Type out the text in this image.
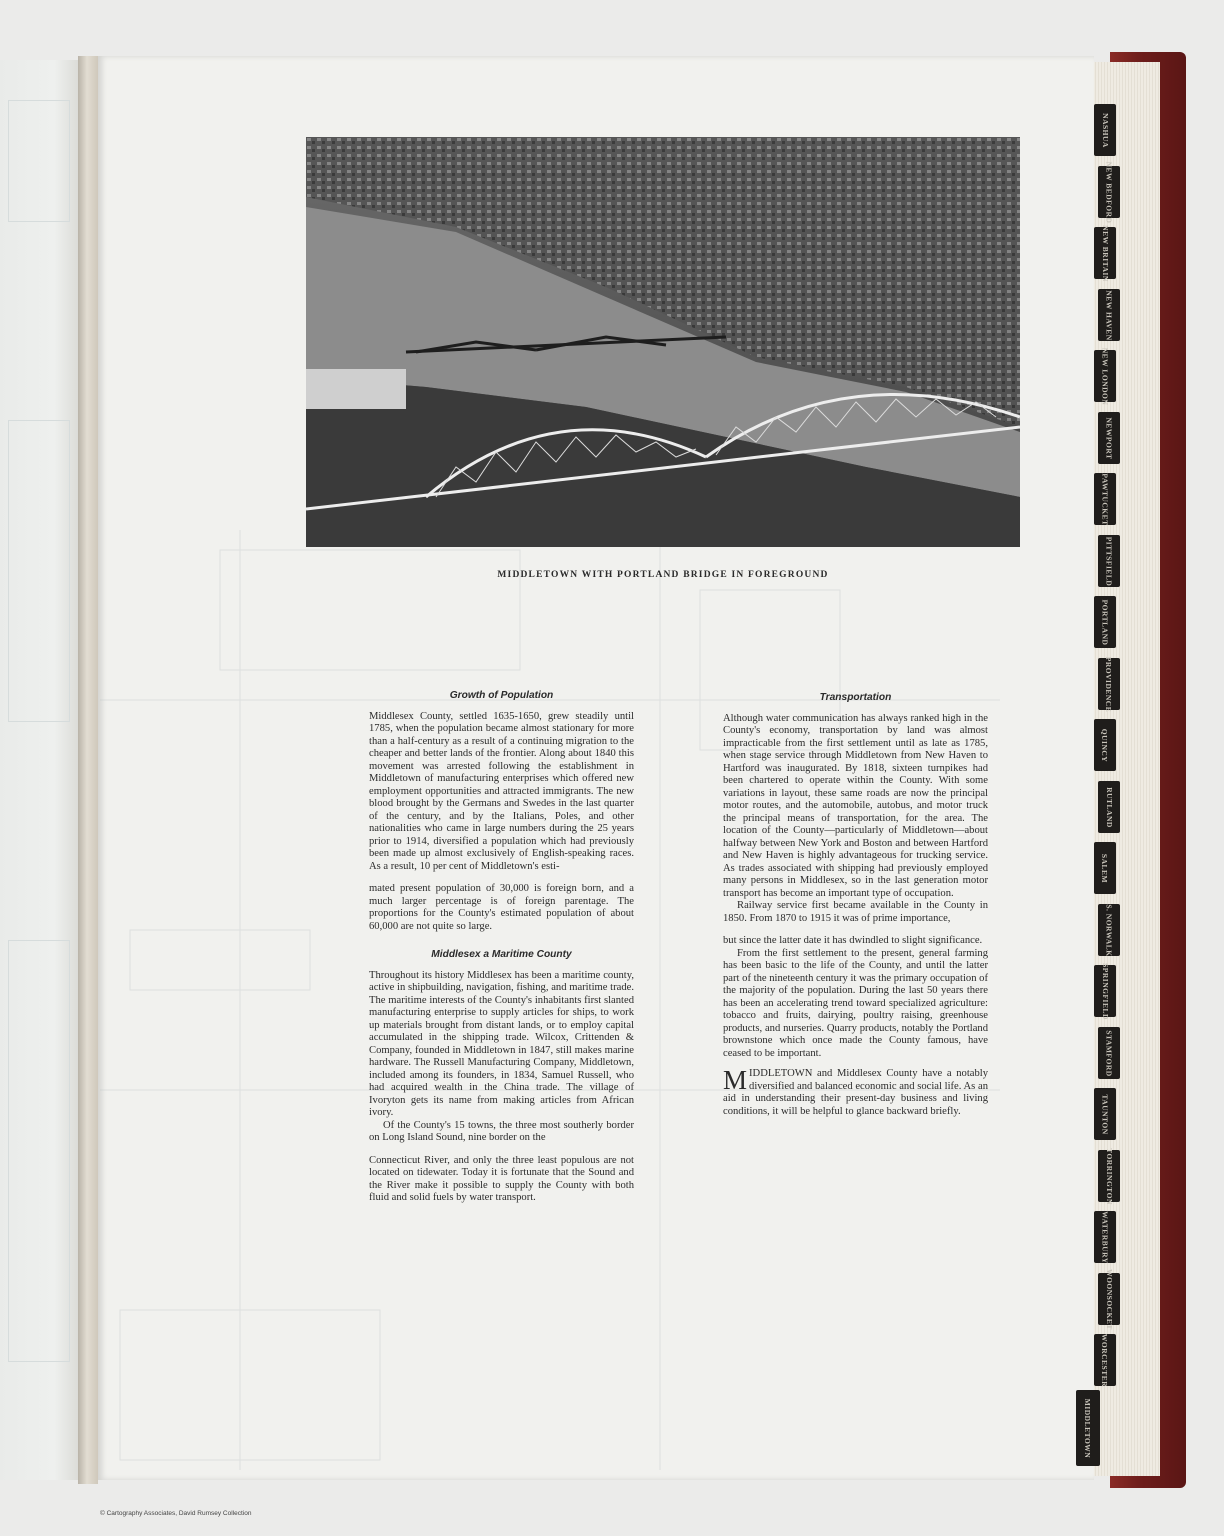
MIDDLETOWN WITH PORTLAND BRIDGE IN FOREGROUND
Growth of Population

Middlesex County, settled 1635-1650, grew steadily until 1785, when the population became almost stationary for more than a half-century as a result of a continuing migration to the cheaper and better lands of the frontier. Along about 1840 this movement was arrested following the establishment in Middletown of manufacturing enterprises which offered new employment opportunities and attracted immigrants. The new blood brought by the Germans and Swedes in the last quarter of the century, and by the Italians, Poles, and other nationalities who came in large numbers during the 25 years prior to 1914, diversified a population which had previously been made up almost exclusively of English-speaking races. As a result, 10 per cent of Middletown's esti-

mated present population of 30,000 is foreign born, and a much larger percentage is of foreign parentage. The proportions for the County's estimated population of about 60,000 are not quite so large.

Middlesex a Maritime County

Throughout its history Middlesex has been a maritime county, active in shipbuilding, navigation, fishing, and maritime trade. The maritime interests of the County's inhabitants first slanted manufacturing enterprise to supply articles for ships, to work up materials brought from distant lands, or to employ capital accumulated in the shipping trade. Wilcox, Crittenden & Company, founded in Middletown in 1847, still makes marine hardware. The Russell Manufacturing Company, Middletown, included among its founders, in 1834, Samuel Russell, who had acquired wealth in the China trade. The village of Ivoryton gets its name from making articles from African ivory.

Of the County's 15 towns, the three most southerly border on Long Island Sound, nine border on the

Connecticut River, and only the three least populous are not located on tidewater. Today it is fortunate that the Sound and the River make it possible to supply the County with both fluid and solid fuels by water transport.

Transportation

Although water communication has always ranked high in the County's economy, transportation by land was almost impracticable from the first settlement until as late as 1785, when stage service through Middletown from New Haven to Hartford was inaugurated. By 1818, sixteen turnpikes had been chartered to operate within the County. With some variations in layout, these same roads are now the principal motor routes, and the automobile, autobus, and motor truck the principal means of transportation, for the area. The location of the County—particularly of Middletown—about halfway between New York and Boston and between Hartford and New Haven is highly advantageous for trucking service. As trades associated with shipping had previously employed many persons in Middlesex, so in the last generation motor transport has become an important type of occupation.

Railway service first became available in the County in 1850. From 1870 to 1915 it was of prime importance,

but since the latter date it has dwindled to slight significance.

From the first settlement to the present, general farming has been basic to the life of the County, and until the latter part of the nineteenth century it was the primary occupation of the majority of the population. During the last 50 years there has been an accelerating trend toward specialized agriculture: tobacco and fruits, dairying, poultry raising, greenhouse products, and nurseries. Quarry products, notably the Portland brownstone which once made the County famous, have ceased to be important.

MIDDLETOWN and Middlesex County have a notably diversified and balanced economic and social life. As an aid in understanding their present-day business and living conditions, it will be helpful to glance backward briefly.

NASHUA
NEW BEDFORD
NEW BRITAIN
NEW HAVEN
NEW LONDON
NEWPORT
PAWTUCKET
PITTSFIELD
PORTLAND
PROVIDENCE
QUINCY
RUTLAND
SALEM
S. NORWALK
SPRINGFIELD
STAMFORD
TAUNTON
TORRINGTON
WATERBURY
WOONSOCKET
WORCESTER
MIDDLETOWN
© Cartography Associates, David Rumsey Collection
